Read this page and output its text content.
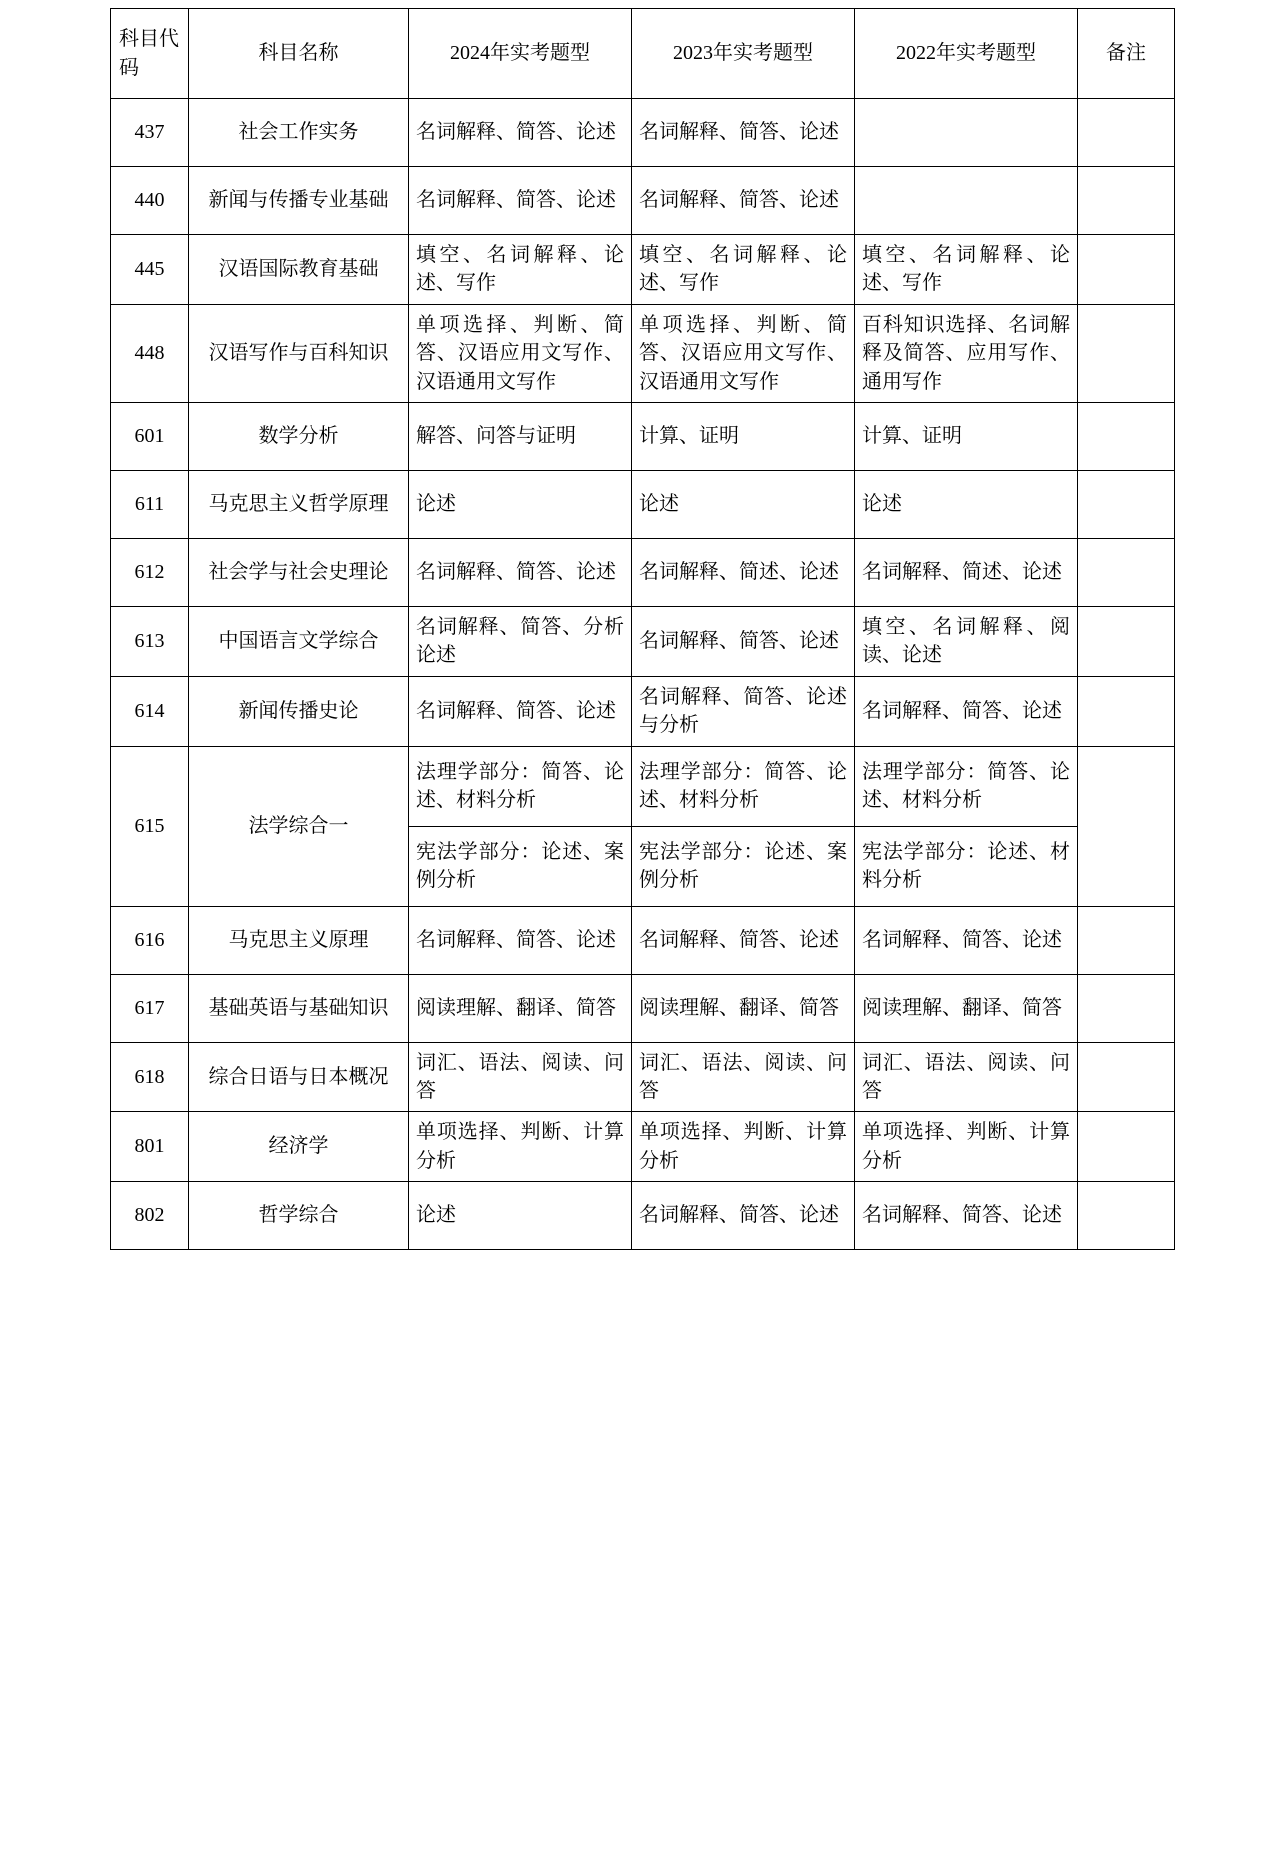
科目代码	科目名称	2024年实考题型	2023年实考题型	2022年实考题型	备注
437	社会工作实务	名词解释、简答、论述	名词解释、简答、论述		
440	新闻与传播专业基础	名词解释、简答、论述	名词解释、简答、论述		
445	汉语国际教育基础	填空、名词解释、论述、写作	填空、名词解释、论述、写作	填空、名词解释、论述、写作	
448	汉语写作与百科知识	单项选择、判断、简答、汉语应用文写作、汉语通用文写作	单项选择、判断、简答、汉语应用文写作、汉语通用文写作	百科知识选择、名词解释及简答、应用写作、通用写作	
601	数学分析	解答、问答与证明	计算、证明	计算、证明	
611	马克思主义哲学原理	论述	论述	论述	
612	社会学与社会史理论	名词解释、简答、论述	名词解释、简述、论述	名词解释、简述、论述	
613	中国语言文学综合	名词解释、简答、分析论述	名词解释、简答、论述	填空、名词解释、阅读、论述	
614	新闻传播史论	名词解释、简答、论述	名词解释、简答、论述与分析	名词解释、简答、论述	
615	法学综合一	法理学部分：简答、论述、材料分析	法理学部分：简答、论述、材料分析	法理学部分：简答、论述、材料分析	
		宪法学部分：论述、案例分析	宪法学部分：论述、案例分析	宪法学部分：论述、材料分析	
616	马克思主义原理	名词解释、简答、论述	名词解释、简答、论述	名词解释、简答、论述	
617	基础英语与基础知识	阅读理解、翻译、简答	阅读理解、翻译、简答	阅读理解、翻译、简答	
618	综合日语与日本概况	词汇、语法、阅读、问答	词汇、语法、阅读、问答	词汇、语法、阅读、问答	
801	经济学	单项选择、判断、计算分析	单项选择、判断、计算分析	单项选择、判断、计算分析	
802	哲学综合	论述	名词解释、简答、论述	名词解释、简答、论述	
